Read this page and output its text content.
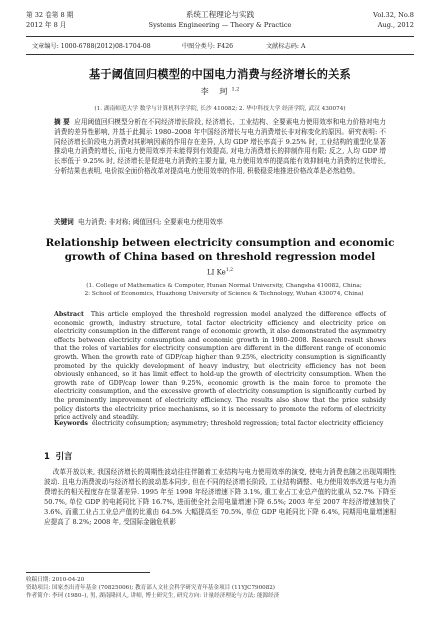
第 32 卷第 8 期
2012 年 8 月
系统工程理论与实践
Systems Engineering — Theory & Practice
Vol.32, No.8
Aug., 2012
文章编号: 1000-6788(2012)08-1704-08	中图分类号: F426	文献标志码: A
基于阈值回归模型的中国电力消费与经济增长的关系
李 珂$^{1,2}$
(1. 湖南师范大学 数学与计算机科学学院, 长沙 410082; 2. 华中科技大学 经济学院, 武汉 430074)
摘 要 应用阈值回归模型分析在不同经济增长阶段, 经济增长、工业结构、全要素电力使用效率和电力价格对电力消费的差异性影响, 并基于此揭示 1980–2008 年中国经济增长与电力消费增长非对称变化的原因。研究表明: 不同经济增长阶段电力消费对其影响因素的作用存在差异, 人均 GDP 增长率高于 9.25% 时, 工业结构的重型化显著推动电力消费的增长, 而电力使用效率并未能得到有效提高, 对电力消费增长的抑制作用有限; 反之, 人均 GDP 增长率低于 9.25% 时, 经济增长是促进电力消费的主要力量, 电力使用效率的提高能有效抑制电力消费的过快增长, 分析结果也表明, 电价拟全面价格改革对提高电力使用效率的作用, 积极稳妥地推进价格改革是必然趋势。
关键词 电力消费; 非对称; 阈值回归; 全要素电力使用效率
Relationship between electricity consumption and economic growth of China based on threshold regression model
LI Ke$^{1,2}$
(1. College of Mathematics & Computer, Hunan Normal University, Changsha 410082, China;
2: School of Economics, Huazhong University of Science & Technology, Wuhan 430074, China)
Abstract This article employed the threshold regression model analyzed the difference effects of economic growth, industry structure, total factor electricity efficiency and electricity price on electricity consumption in the different range of economic growth, it also demonstrated the asymmetry effects between electricity consumption and economic growth in 1980–2008. Research result shows that the roles of variables for electricity consumption are different in the different range of economic growth. When the growth rate of GDP/cap higher than 9.25%, electricity consumption is significantly promoted by the quickly development of heavy industry, but electricity efficiency has not been obviously enhanced, so it has limit effect to hold-up the growth of electricity consumption. When the growth rate of GDP/cap lower than 9.25%, economic growth is the main force to promote the electricity consumption, and the excessive growth of electricity consumption is significantly curbed by the prominently improvement of electricity efficiency. The results also show that the price subsidy policy distorts the electricity price mechanisms, so it is necessary to promote the reform of electricity price actively and steadily.
Keywords electricity consumption; asymmetry; threshold regression; total factor electricity efficiency
1 引言
改革开放以来, 我国经济增长的周期性波动往往伴随着工业结构与电力使用效率的演变, 使电力消费也随之出现周期性波动. 且电力消费波动与经济增长的波动基本同步, 但在不同的经济增长阶段, 工业结构调整、电力使用效率改进与电力消费增长的相关程度存在显著差异. 1995 年至 1998 年经济增速下降 3.1%, 重工业占工业总产值的比重从 52.7% 下降至 50.7%, 单位 GDP 的电耗同比下降 16.7%, 进而使全社会用电量增速下降 6.5%; 2003 年至 2007 年经济增速加快了 3.6%, 而重工业占工业总产值的比重由 64.5% 大幅提高至 70.5%, 单位 GDP 电耗同比下降 6.4%, 同期用电量增速相应提高了 8.2%; 2008 年, 受国际金融危机影
收稿日期: 2010-04-20
资助项目: 国家杰出青年基金 (70825006); 教育部人文社会科学研究青年基金项目 (11YJC790082)
作者简介: 李珂 (1980–), 男, 湖南隆回人, 讲师, 博士研究生, 研究方向: 计量经济理论与方法; 能源经济
